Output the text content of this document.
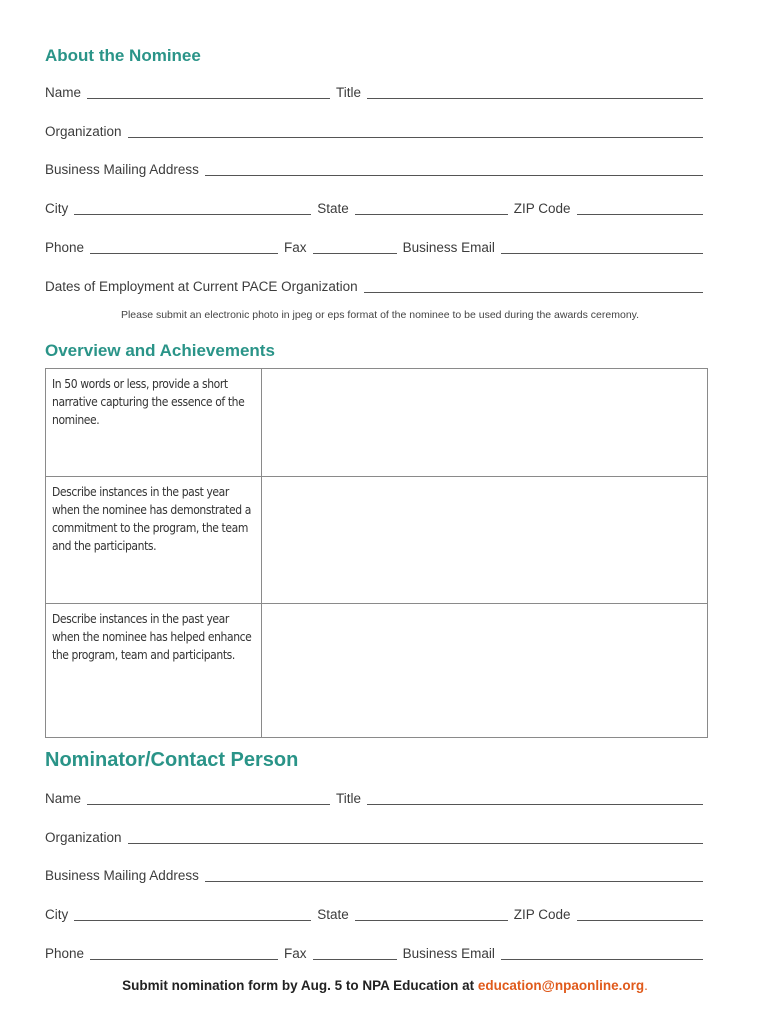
About the Nominee
Name	Title
Organization
Business Mailing Address
City	State	ZIP Code
Phone	Fax	Business Email
Dates of Employment at Current PACE Organization
Please submit an electronic photo in jpeg or eps format of the nominee to be used during the awards ceremony.
Overview and Achievements
In 50 words or less, provide a short narrative capturing the essence of the nominee.	
Describe instances in the past year when the nominee has demonstrated a commitment to the program, the team and the participants.	
Describe instances in the past year when the nominee has helped enhance the program, team and participants.	
Nominator/Contact Person
Name	Title
Organization
Business Mailing Address
City	State	ZIP Code
Phone	Fax	Business Email
Submit nomination form by Aug. 5 to NPA Education at education@npaonline.org.
